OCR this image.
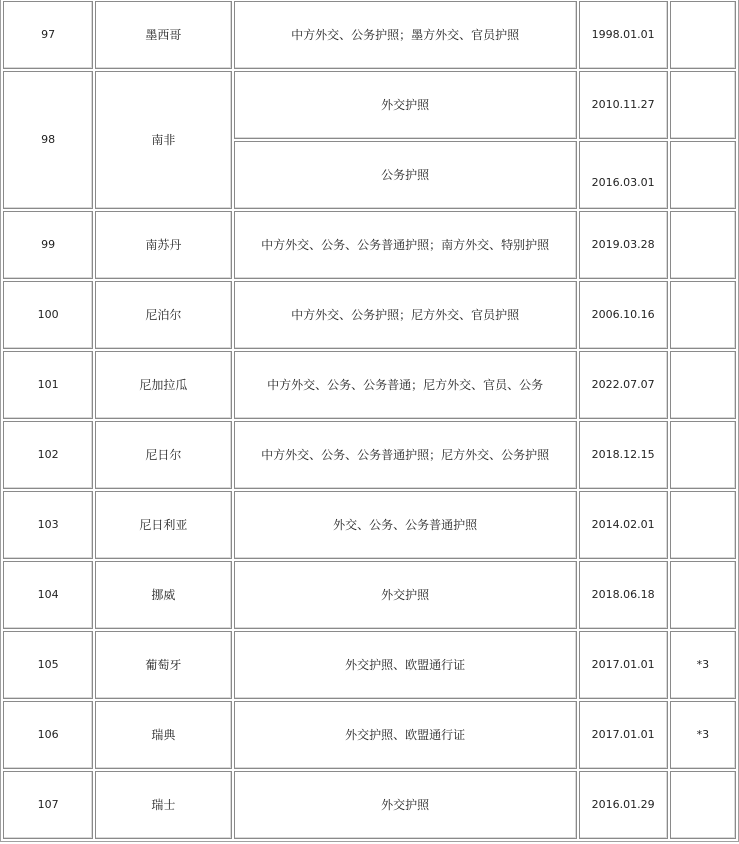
97	墨西哥	中方外交、公务护照；墨方外交、官员护照	1998.01.01	
98	南非	外交护照	2010.11.27	
		公务护照	2016.03.01	
99	南苏丹	中方外交、公务、公务普通护照；南方外交、特别护照	2019.03.28	
100	尼泊尔	中方外交、公务护照；尼方外交、官员护照	2006.10.16	
101	尼加拉瓜	中方外交、公务、公务普通；尼方外交、官员、公务	2022.07.07	
102	尼日尔	中方外交、公务、公务普通护照；尼方外交、公务护照	2018.12.15	
103	尼日利亚	外交、公务、公务普通护照	2014.02.01	
104	挪威	外交护照	2018.06.18	
105	葡萄牙	外交护照、欧盟通行证	2017.01.01	*3
106	瑞典	外交护照、欧盟通行证	2017.01.01	*3
107	瑞士	外交护照	2016.01.29	
